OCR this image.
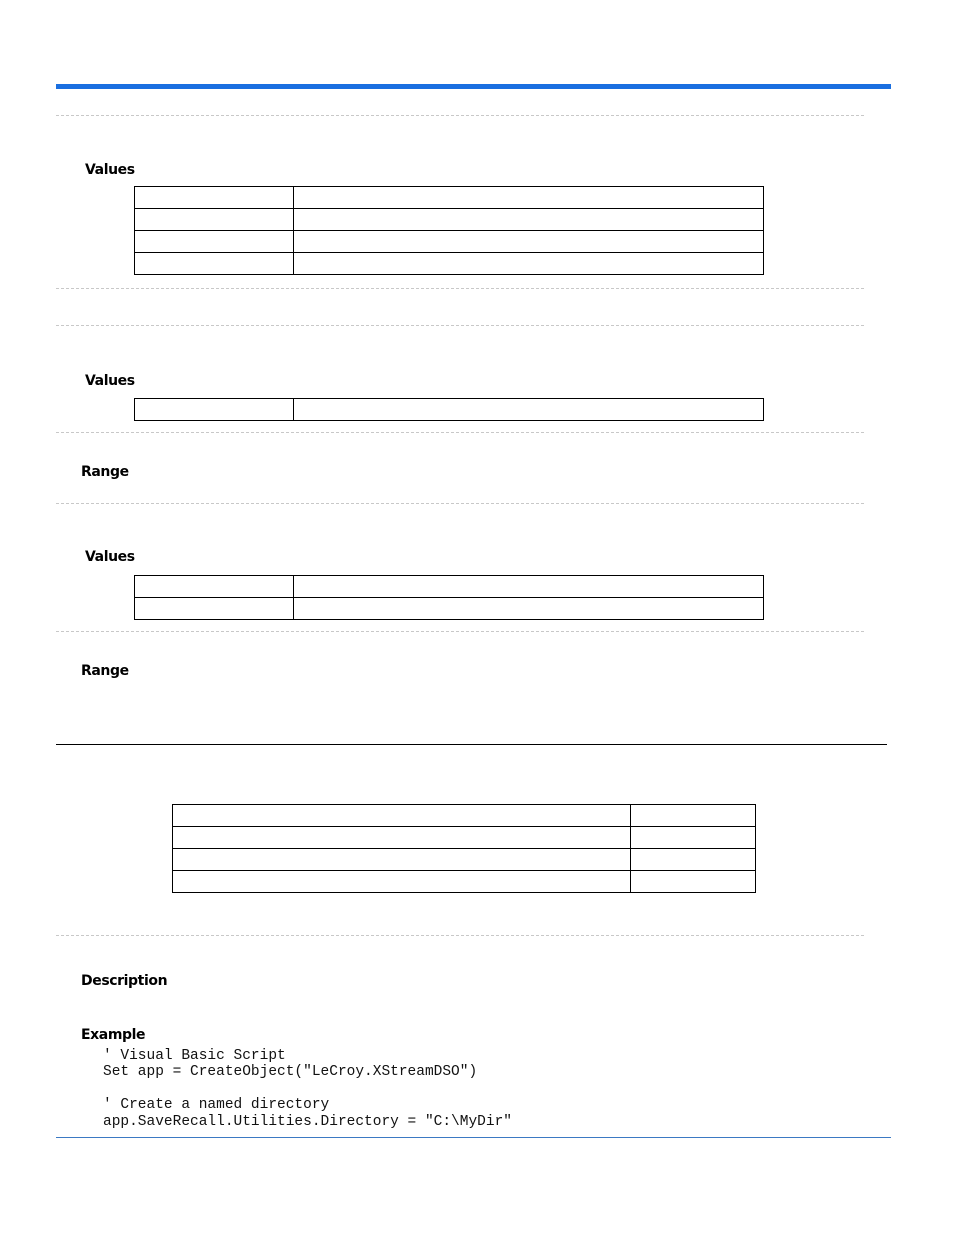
Values

Values

Range
Values

Range

Description
Example
' Visual Basic Script
Set app = CreateObject("LeCroy.XStreamDSO")
' Create a named directory
app.SaveRecall.Utilities.Directory = "C:\MyDir"
